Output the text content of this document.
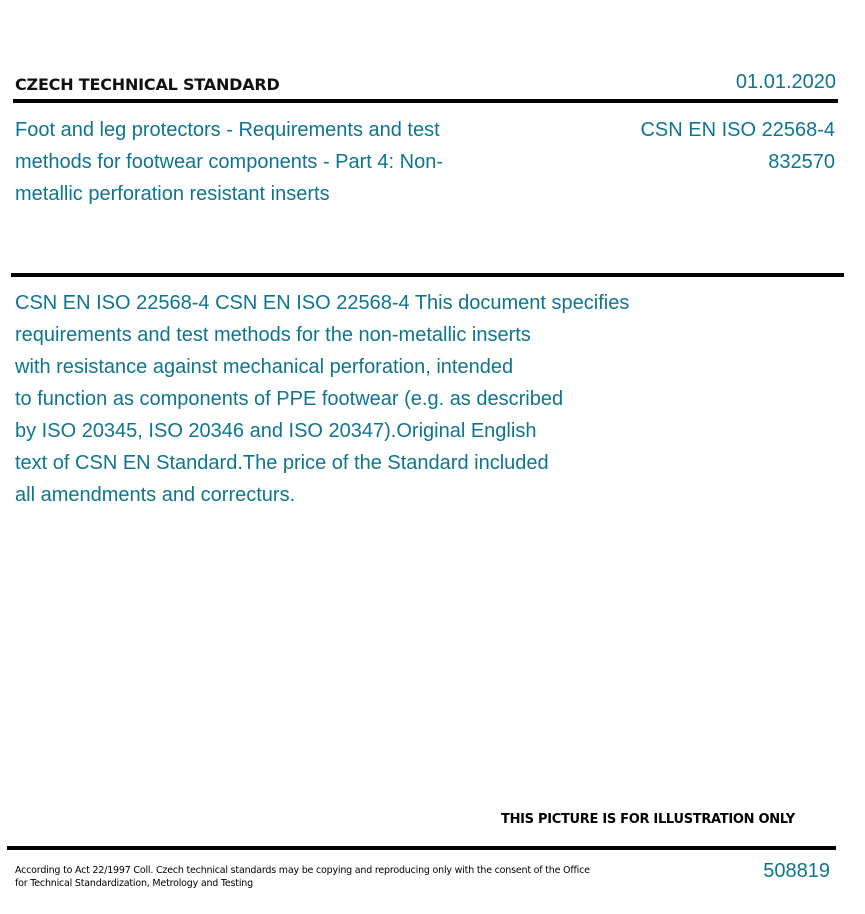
CZECH TECHNICAL STANDARD	01.01.2020
Foot and leg protectors - Requirements and test methods for footwear components - Part 4: Non-metallic perforation resistant inserts
CSN EN ISO 22568-4
832570
CSN EN ISO 22568-4 CSN EN ISO 22568-4 This document specifies
requirements and test methods for the non-metallic inserts
with resistance against mechanical perforation, intended
to function as components of PPE footwear (e.g. as described
by ISO 20345, ISO 20346 and ISO 20347).Original English
text of CSN EN Standard.The price of the Standard included
all amendments and correcturs.
THIS PICTURE IS FOR ILLUSTRATION ONLY
According to Act 22/1997 Coll. Czech technical standards may be copying and reproducing only with the consent of the Office
for Technical Standardization, Metrology and Testing
508819
